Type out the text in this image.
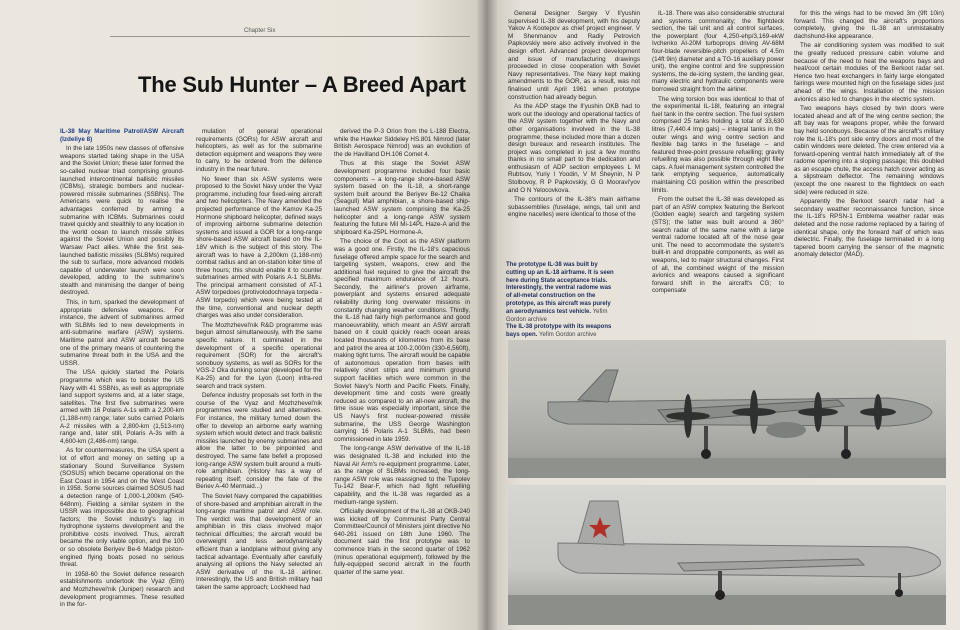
Chapter Six
The Sub Hunter – A Breed Apart

IL-38 May Maritime Patrol/ASW Aircraft (Izdeliye 8)

In the late 1950s new classes of offensive weapons started taking shape in the USA and the Soviet Union; these later formed the so-called nuclear triad comprising ground-launched intercontinental ballistic missiles (ICBMs), strategic bombers and nuclear-powered missile submarines (SSBNs). The Americans were quick to realise the advantages conferred by arming a submarine with ICBMs. Submarines could travel quickly and stealthily to any location in the world ocean to launch missile strikes against the Soviet Union and possibly its Warsaw Pact allies. While the first sea-launched ballistic missiles (SLBMs) required the sub to surface, more advanced models capable of underwater launch were soon developed, adding to the submarine's stealth and minimising the danger of being destroyed.

This, in turn, sparked the development of appropriate defensive weapons. For instance, the advent of submarines armed with SLBMs led to new developments in anti-submarine warfare (ASW) systems. Maritime patrol and ASW aircraft became one of the primary means of countering the submarine threat both in the USA and the USSR.

The USA quickly started the Polaris programme which was to bolster the US Navy with 41 SSBNs, as well as appropriate land support systems and, at a later stage, satellites. The first five submarines were armed with 16 Polaris A-1s with a 2,200-km (1,188-nm) range; later subs carried Polaris A-2 missiles with a 2,800-km (1,513-nm) range and, later still, Polaris A-3s with a 4,600-km (2,486-nm) range.

As for countermeasures, the USA spent a lot of effort and money on setting up a stationary Sound Surveillance System (SOSUS) which became operational on the East Coast in 1954 and on the West Coast in 1958. Some sources claimed SOSUS had a detection range of 1,000-1,200km (540-648nm). Fielding a similar system in the USSR was impossible due to geographical factors; the Soviet industry's lag in hydrophone systems development and the prohibitive costs involved. Thus, aircraft became the only viable option, and the 100 or so obsolete Beriyev Be-6 Madge piston-engined flying boats posed no serious threat.

In 1958-60 the Soviet defence research establishments undertook the Vyaz (Elm) and Mozhzhevel'nik (Juniper) research and development programmes. These resulted in the for-

mulation of general operational requirements (GORs) for ASW aircraft and helicopters, as well as for the submarine detection equipment and weapons they were to carry, to be ordered from the defence industry in the near future.

No fewer than six ASW systems were proposed to the Soviet Navy under the Vyaz programme, including four fixed-wing aircraft and two helicopters. The Navy amended the projected performance of the Kamov Ka-25 Hormone shipboard helicopter, defined ways of improving airborne submarine detection systems and issued a GOR for a long-range shore-based ASW aircraft based on the IL-18V which is the subject of this story. The aircraft was to have a 2,200km (1,188-nm) combat radius and an on-station loiter time of three hours; this should enable it to counter submarines armed with Polaris A-1 SLBMs. The principal armament consisted of AT-1 ASW torpedoes (protivolodochnaya torpeda - ASW torpedo) which were being tested at the time, conventional and nuclear depth charges was also under consideration.

The Mozhzhevel'nik R&D programme was begun almost simultaneously, with the same specific nature. It culminated in the development of a specific operational requirement (SOR) for the aircraft's sonobuoy systems, as well as SORs for the VGS-2 Oka dunking sonar (developed for the Ka-25) and for the Lyon (Loon) infra-red search and track system.

Defence industry proposals set forth in the course of the Vyaz and Mozhzhevel'nik programmes were studied and alternatives. For instance, the military turned down the offer to develop an airborne early warning system which would detect and track ballistic missiles launched by enemy submarines and allow the latter to be pinpointed and destroyed. The same fate befell a proposed long-range ASW system built around a multi-role amphibian. (History has a way of repeating itself; consider the fate of the Beriev A-40 Mermaid...)

The Soviet Navy compared the capabilities of shore-based and amphibian aircraft in the long-range maritime patrol and ASW role. The verdict was that development of an amphibian in this class involved major technical difficulties; the aircraft would be overweight and less aerodynamically efficient than a landplane without giving any tactical advantage. Eventually after carefully analysing all options the Navy selected an ASW derivative of the IL-18 airliner. Interestingly, the US and British military had taken the same approach; Lockheed had

derived the P-3 Orion from the L-188 Electra, while the Hawker Siddeley HS.801 Nimrod (later British Aerospace Nimrod) was an evolution of the de Havilland DH.106 Comet 4.

Thus at this stage the Soviet ASW development programme included four basic components – a long-range shore-based ASW system based on the IL-18, a short-range system built around the Beriyev Be-12 Chaika (Seagull) Mail amphibian, a shore-based ship-launched ASW system comprising the Ka-25 helicopter and a long-range ASW system featuring the future Mil Mi-14PL Haze-A and the shipboard Ka-25PL Hormone-A.

The choice of the Coot as the ASW platform was a good one. Firstly, the IL-18's capacious fuselage offered ample space for the search and targeting system, weapons, crew and the additional fuel required to give the aircraft the specified maximum endurance of 12 hours. Secondly, the airliner's proven airframe, powerplant and systems ensured adequate reliability during long overwater missions in constantly changing weather conditions. Thirdly, the IL-18 had fairly high performance and good manoeuvrability, which meant an ASW aircraft based on it could quickly reach ocean areas located thousands of kilometres from its base and patrol the area at 100-2,000m (330-6,560ft), making tight turns. The aircraft would be capable of autonomous operation from bases with relatively short strips and minimum ground support facilities which were common in the Soviet Navy's North and Pacific Fleets. Finally, development time and costs were greatly reduced as compared to an all-new aircraft, the time issue was especially important, since the US Navy's first nuclear-powered missile submarine, the USS George Washington carrying 16 Polaris A-1 SLBMs, had been commissioned in late 1959.

The long-range ASW derivative of the IL-18 was designated IL-38 and included into the Naval Air Arm's re-equipment programme. Later, as the range of SLBMs increased, the long-range ASW role was reassigned to the Tupolev Tu-142 Bear-F, which had fight refuelling capability, and the IL-38 was regarded as a medium-range system.

Officially development of the IL-38 at OKB-240 was kicked off by Communist Party Central Committee/Council of Ministers joint directive No 640-261 issued on 18th June 1960. The document said the first prototype was to commence trials in the second quarter of 1962 (minus operational equipment), followed by the fully-equipped second aircraft in the fourth quarter of the same year.

General Designer Sergey V Il'yushin supervised IL-38 development, with his deputy Yakov A Kootepov as chief project engineer. V M Shenmanov and Radiy Petrovich Papkovskiy were also actively involved in the design effort. Advanced project development and issue of manufacturing drawings proceeded in close cooperation with Soviet Navy representatives. The Navy kept making amendments to the GOR, as a result, was not finalised until April 1961 when prototype construction had already begun.

As the ADP stage the Il'yushin OKB had to work out the ideology and operational tactics of the ASW system together with the Navy and other organisations involved in the IL-38 programme; these included more than a dozen design bureaux and research institutes. The project was completed in just a few months thanks in no small part to the dedication and enthusiasm of ADP section employees L M Rubtsov, Yuriy I Yoodin, V M Sheynin, N P Stolbovoy, R P Papkovskiy, G G Mooravi'yov and O N Yelocovkova.

The contours of the IL-38's main airframe subassemblies (fuselage, wings, tail unit and engine nacelles) were identical to those of the

IL-18. There was also considerable structural and systems commonality; the flightdeck section, the tail unit and all control surfaces, the powerplant (four 4,250-ehp/3,169-ekW Ivchenko AI-20M turboprops driving AV-68M four-blade reversible-pitch propellers of 4.5m (14ft 9in) diameter and a TG-16 auxiliary power unit), the engine control and fire suppression systems, the de-icing system, the landing gear, many electric and hydraulic components were borrowed straight from the airliner.

The wing torsion box was identical to that of the experimental IL-18I, featuring an integral fuel tank in the centre section. The fuel system comprised 25 tanks holding a total of 33,630 litres (7,440.4 Imp gals) – integral tanks in the outer wings and wing centre section and flexible bag tanks in the fuselage – and featured three-point pressure refuelling; gravity refuelling was also possible through eight filler caps. A fuel management system controlled the tank emptying sequence, automatically maintaining CG position within the prescribed limits.

From the outset the IL-38 was developed as part of an ASW complex featuring the Berkoot (Golden eagle) search and targeting system (STS); the latter was built around a 360° search radar of the same name with a large ventral radome located aft of the nose gear unit. The need to accommodate the system's built-in and droppable components, as well as weapons, led to major structural changes. First of all, the combined weight of the mission avionics and weapons caused a significant forward shift in the aircraft's CG; to compensate

for this the wings had to be moved 3m (9ft 10in) forward. This changed the aircraft's proportions completely, giving the IL-38 an unmistakably dachshund-like appearance.

The air conditioning system was modified to suit the greatly reduced pressure cabin volume and because of the need to heat the weapons bays and heat/cool certain modules of the Berkoot radar set. Hence two heat exchangers in fairly large elongated fairings were mounted high on the fuselage sides just ahead of the wings. Installation of the mission avionics also led to changes in the electric system.

Two weapons bays closed by twin doors were located ahead and aft of the wing centre section; the aft bay was for weapons proper, while the forward bay held sonobuoys. Because of the aircraft's military role the IL-18's port side entry doors and most of the cabin windows were deleted. The crew entered via a forward-opening ventral hatch immediately aft of the radome opening into a sloping passage; this doubled as an escape chute, the access hatch cover acting as a slipstream deflector. The remaining windows (except the one nearest to the flightdeck on each side) were reduced in size.

Apparently the Berkoot search radar had a secondary weather reconnaissance function, since the IL-18's RPSN-1 Emblema weather radar was deleted and the nose radome replaced by a fairing of identical shape, only the forward half of which was dielectric. Finally, the fuselage terminated in a long tapered boom carrying the sensor of the magnetic anomaly detector (MAD).

The prototype IL-38 was built by cutting up an IL-18 airframe. It is seen here during State acceptance trials. Interestingly, the ventral radome was of all-metal construction on the prototype, as this aircraft was purely an aerodynamics test vehicle. Yefim Gordon archive
The IL-38 prototype with its weapons bays open. Yefim Gordon archive
